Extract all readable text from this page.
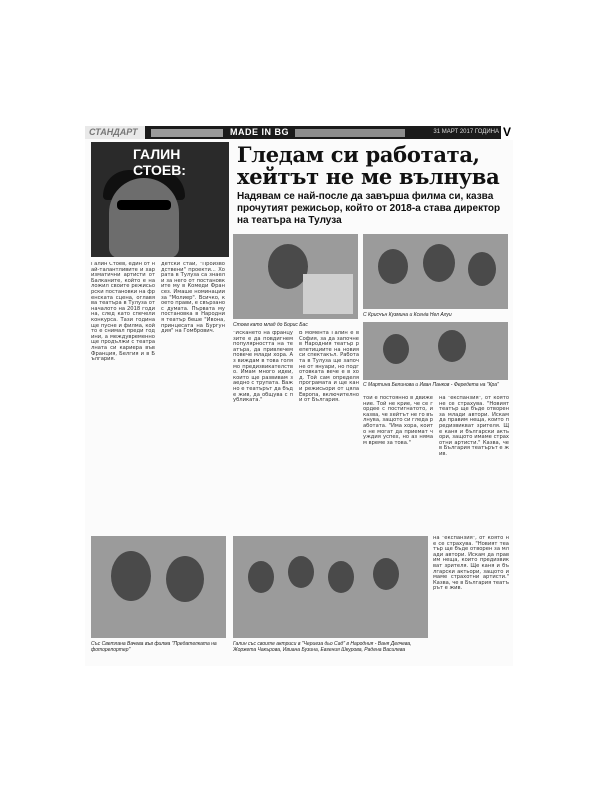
СТАНДАРТ	MADE IN BG	31 МАРТ 2017 ГОДИНА V
ГАЛИН
СТОЕВ:
Гледам си работата,
хейтът не ме вълнува
Надявам се най-после да завърша филма си, казва прочутият режисьор, който от 2018-а става директор на театъра на Тулуза
Стоев като млад до Борис Бас
С Крисчън Кузмина и Ксенia Нел Алуи
С Мартина Белинова и Иван Панков - Фередета на "Кра"
Галин Стоев, един от най-талантливите и харизматични артисти от Балканите, който е наложил своите режисьорски постановки на френската сцена, оглавява театъра в Тулуза от началото на 2018 година, след като спечели конкурса. Тази година ще пусне и филма, който е снимал преди години, а междувременно ще продължи с театралната си кариера във Франция, Белгия и в България.
детски стаи, "Производствени" проекти... Хората в Тулуза са знаели за него от постановките му в Комеди Франсез. Имаше номинации за "Молиер". Всичко, което прави, е свързано с думата. Първата му постановка в Народния театър беше "Ивона, принцесата на Бургундия" на Гомбрович.	"Искането на французите е да повдигнем популярността на театъра, да привлечем повече млади хора. Аз виждам в това голямо предизвикателство. Имам много идеи, които ще развивам заедно с трупата. Важно е театърът да бъде жив, да общува с публиката."
В момента Галин е в София, за да започне в Народния театър репетициите на новия си спектакъл. Работата в Тулуза ще започне от януари, но подготовката вече е в ход. Той сам определя програмата и ще кани режисьори от цяла Европа, включително и от България.	той е постоянно в движение. Той не крие, че се гордее с постигнатото, и казва, че хейтът не го вълнува, защото си гледа работата. "Има хора, които не могат да приемат чуждия успех, но аз нямам време за това."
на "експанзия", от която не се страхува. "Новият театър ще бъде отворен за млади автори. Искам да правим неща, които предизвикват зрителя. Ще каня и български актьори, защото имаме страхотни артисти." Казва, че в България театърът е жив.
Със Светлана Вачева във филма "Предателката на фоторепортер"
Галин със своите актриси в "Чериеза дьо Сад" в Народния - Ваня Делчева, Жоржета Чакърова, Ивиана Бузина, Евгения Шкурова, Радена Василева
на "експанзия", от която не се страхува. "Новият театър ще бъде отворен за млади автори. Искам да правим неща, които предизвикват зрителя. Ще каня и български актьори, защото имаме страхотни артисти." Казва, че в България театърът е жив.
